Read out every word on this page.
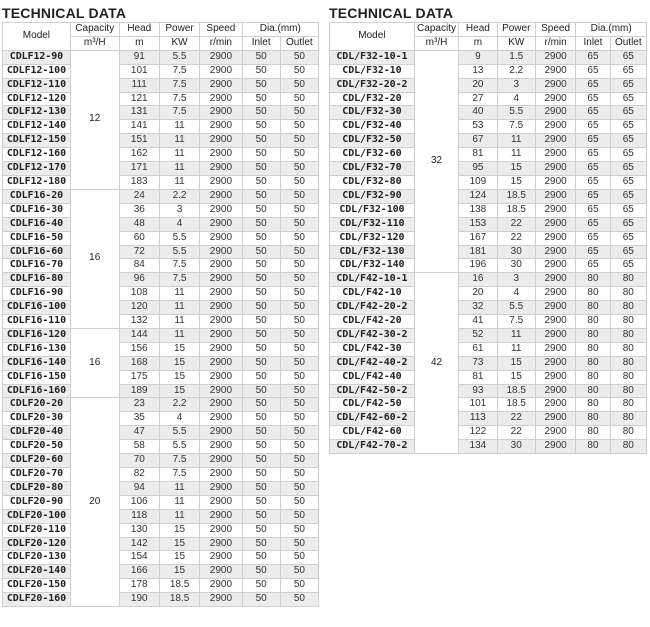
TECHNICAL DATA
Model	Capacity	Head	Power	Speed	Dia.(mm)	
	m³/H	m	KW	r/min	Inlet	Outlet
CDLF12-90	12	91	5.5	2900	50	50
CDLF12-100		101	7.5	2900	50	50
CDLF12-110		111	7.5	2900	50	50
CDLF12-120		121	7.5	2900	50	50
CDLF12-130		131	7.5	2900	50	50
CDLF12-140		141	11	2900	50	50
CDLF12-150		151	11	2900	50	50
CDLF12-160		162	11	2900	50	50
CDLF12-170		171	11	2900	50	50
CDLF12-180		183	11	2900	50	50
CDLF16-20	16	24	2.2	2900	50	50
CDLF16-30		36	3	2900	50	50
CDLF16-40		48	4	2900	50	50
CDLF16-50		60	5.5	2900	50	50
CDLF16-60		72	5.5	2900	50	50
CDLF16-70		84	7.5	2900	50	50
CDLF16-80		96	7.5	2900	50	50
CDLF16-90		108	11	2900	50	50
CDLF16-100		120	11	2900	50	50
CDLF16-110		132	11	2900	50	50
CDLF16-120	16	144	11	2900	50	50
CDLF16-130		156	15	2900	50	50
CDLF16-140		168	15	2900	50	50
CDLF16-150		175	15	2900	50	50
CDLF16-160		189	15	2900	50	50
CDLF20-20	20	23	2.2	2900	50	50
CDLF20-30		35	4	2900	50	50
CDLF20-40		47	5.5	2900	50	50
CDLF20-50		58	5.5	2900	50	50
CDLF20-60		70	7.5	2900	50	50
CDLF20-70		82	7.5	2900	50	50
CDLF20-80		94	11	2900	50	50
CDLF20-90		106	11	2900	50	50
CDLF20-100		118	11	2900	50	50
CDLF20-110		130	15	2900	50	50
CDLF20-120		142	15	2900	50	50
CDLF20-130		154	15	2900	50	50
CDLF20-140		166	15	2900	50	50
CDLF20-150		178	18.5	2900	50	50
CDLF20-160		190	18.5	2900	50	50
TECHNICAL DATA
Model	Capacity	Head	Power	Speed	Dia.(mm)	
	m³/H	m	KW	r/min	Inlet	Outlet
CDL/F32-10-1	32	9	1.5	2900	65	65
CDL/F32-10		13	2.2	2900	65	65
CDL/F32-20-2		20	3	2900	65	65
CDL/F32-20		27	4	2900	65	65
CDL/F32-30		40	5.5	2900	65	65
CDL/F32-40		53	7.5	2900	65	65
CDL/F32-50		67	11	2900	65	65
CDL/F32-60		81	11	2900	65	65
CDL/F32-70		95	15	2900	65	65
CDL/F32-80		109	15	2900	65	65
CDL/F32-90		124	18.5	2900	65	65
CDL/F32-100		138	18.5	2900	65	65
CDL/F32-110		153	22	2900	65	65
CDL/F32-120		167	22	2900	65	65
CDL/F32-130		181	30	2900	65	65
CDL/F32-140		196	30	2900	65	65
CDL/F42-10-1	42	16	3	2900	80	80
CDL/F42-10		20	4	2900	80	80
CDL/F42-20-2		32	5.5	2900	80	80
CDL/F42-20		41	7.5	2900	80	80
CDL/F42-30-2		52	11	2900	80	80
CDL/F42-30		61	11	2900	80	80
CDL/F42-40-2		73	15	2900	80	80
CDL/F42-40		81	15	2900	80	80
CDL/F42-50-2		93	18.5	2900	80	80
CDL/F42-50		101	18.5	2900	80	80
CDL/F42-60-2		113	22	2900	80	80
CDL/F42-60		122	22	2900	80	80
CDL/F42-70-2		134	30	2900	80	80
